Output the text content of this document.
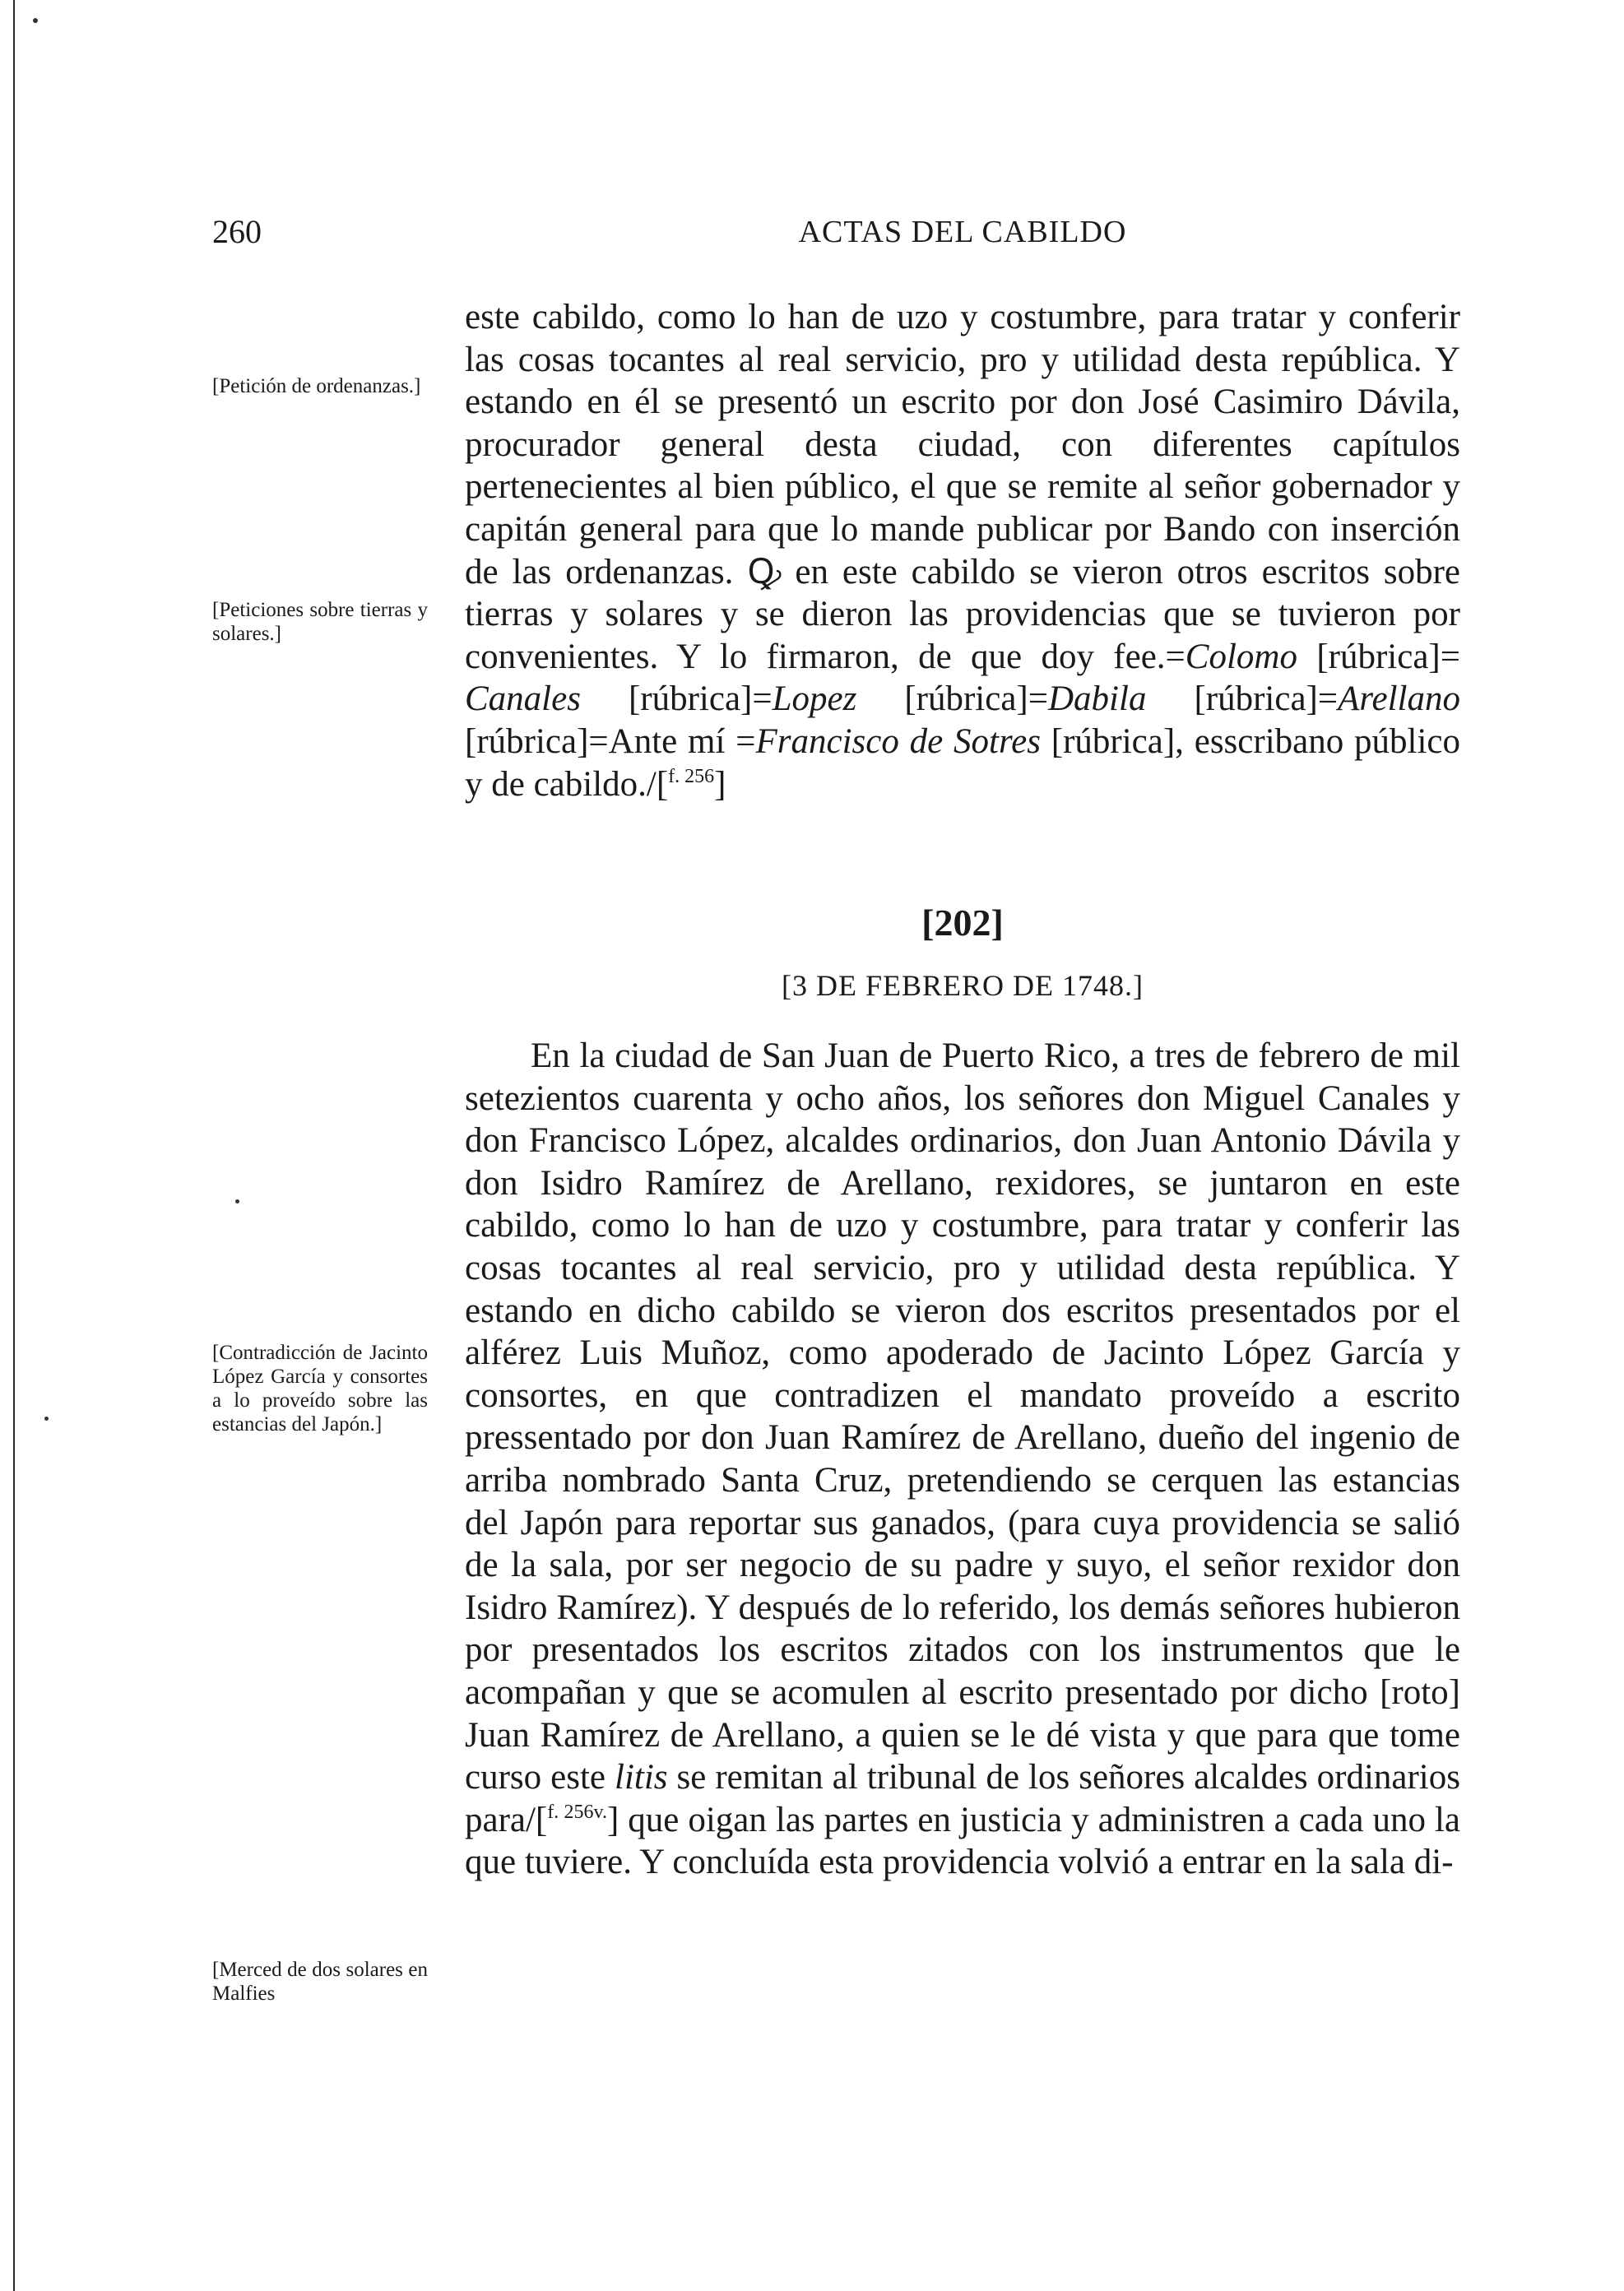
260	ACTAS DEL CABILDO
[Petición de ordenanzas.]
[Peticiones sobre tierras y solares.]
[Contradicción de Jacinto López García y consortes a lo proveído sobre las estancias del Japón.]
[Merced de dos solares en Malfies
este cabildo, como lo han de uzo y costumbre, para tratar y conferir las cosas tocantes al real servicio, pro y utilidad desta república. Y estando en él se presentó un escrito por don José Casimiro Dávila, procurador general desta ciudad, con diferentes capítulos pertenecientes al bien público, el que se remite al señor gobernador y capitán general para que lo mande publicar por Bando con inserción de las ordenanzas. Ꝙ en este cabildo se vieron otros escritos sobre tierras y solares y se dieron las providencias que se tuvieron por convenientes. Y lo firmaron, de que doy fee.=Colomo [rúbrica]= Canales [rúbrica]=Lopez [rúbrica]=Dabila [rúbrica]=Arellano [rúbrica]=Ante mí =Francisco de Sotres [rúbrica], esscribano público y de cabildo./[$^{f. 256}$]
[202]
[3 DE FEBRERO DE 1748.]
En la ciudad de San Juan de Puerto Rico, a tres de febrero de mil setezientos cuarenta y ocho años, los señores don Miguel Canales y don Francisco López, alcaldes ordinarios, don Juan Antonio Dávila y don Isidro Ramírez de Arellano, rexidores, se juntaron en este cabildo, como lo han de uzo y costumbre, para tratar y conferir las cosas tocantes al real servicio, pro y utilidad desta república. Y estando en dicho cabildo se vieron dos escritos presentados por el alférez Luis Muñoz, como apoderado de Jacinto López García y consortes, en que contradizen el mandato proveído a escrito pressentado por don Juan Ramírez de Arellano, dueño del ingenio de arriba nombrado Santa Cruz, pretendiendo se cerquen las estancias del Japón para reportar sus ganados, (para cuya providencia se salió de la sala, por ser negocio de su padre y suyo, el señor rexidor don Isidro Ramírez). Y después de lo referido, los demás señores hubieron por presentados los escritos zitados con los instrumentos que le acompañan y que se acomulen al escrito presentado por dicho [roto] Juan Ramírez de Arellano, a quien se le dé vista y que para que tome curso este litis se remitan al tribunal de los señores alcaldes ordinarios para/[$^{f. 256v.}$] que oigan las partes en justicia y administren a cada uno la que tuviere. Y concluída esta providencia volvió a entrar en la sala di-
